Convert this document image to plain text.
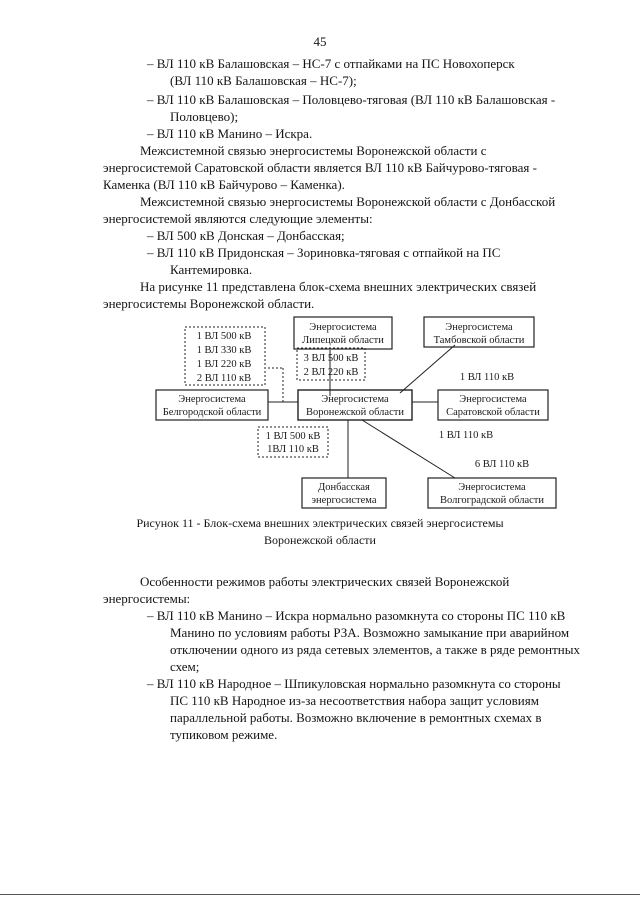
45
– ВЛ 110 кВ Балашовская – НС-7 с отпайками на ПС Новохоперск
(ВЛ 110 кВ Балашовская – НС-7);
– ВЛ 110 кВ Балашовская – Половцево-тяговая (ВЛ 110 кВ Балашовская -
Половцево);
– ВЛ 110 кВ Манино – Искра.
Межсистемной связью энергосистемы Воронежской области с
энергосистемой Саратовской области является ВЛ 110 кВ Байчурово-тяговая -
Каменка (ВЛ 110 кВ Байчурово – Каменка).
Межсистемной связью энергосистемы Воронежской области с Донбасской
энергосистемой являются следующие элементы:
– ВЛ 500 кВ Донская – Донбасская;
– ВЛ 110 кВ Придонская – Зориновка-тяговая с отпайкой на ПС
Кантемировка.
На рисунке 11 представлена блок-схема внешних электрических связей
энергосистемы Воронежской области.
Энергосистема
Липецкой области
Энергосистема
Тамбовской области
Энергосистема
Белгородской области
Энергосистема
Воронежской области
Энергосистема
Саратовской области
Донбасская
энергосистема
Энергосистема
Волгоградской области
1 ВЛ 500 кВ
1 ВЛ 330 кВ
1 ВЛ 220 кВ
2 ВЛ 110 кВ
3 ВЛ 500 кВ
2 ВЛ 220 кВ	1 ВЛ 110 кВ
1 ВЛ 110 кВ
1 ВЛ 500 кВ
1ВЛ 110 кВ
6 ВЛ 110 кВ
Рисунок 11 - Блок-схема внешних электрических связей энергосистемы
Воронежской области
Особенности режимов работы электрических связей Воронежской
энергосистемы:
– ВЛ 110 кВ Манино – Искра нормально разомкнута со стороны ПС 110 кВ
Манино по условиям работы РЗА. Возможно замыкание при аварийном
отключении одного из ряда сетевых элементов, а также в ряде ремонтных
схем;
– ВЛ 110 кВ Народное – Шпикуловская нормально разомкнута со стороны
ПС 110 кВ Народное из-за несоответствия набора защит условиям
параллельной работы. Возможно включение в ремонтных схемах в
тупиковом режиме.
